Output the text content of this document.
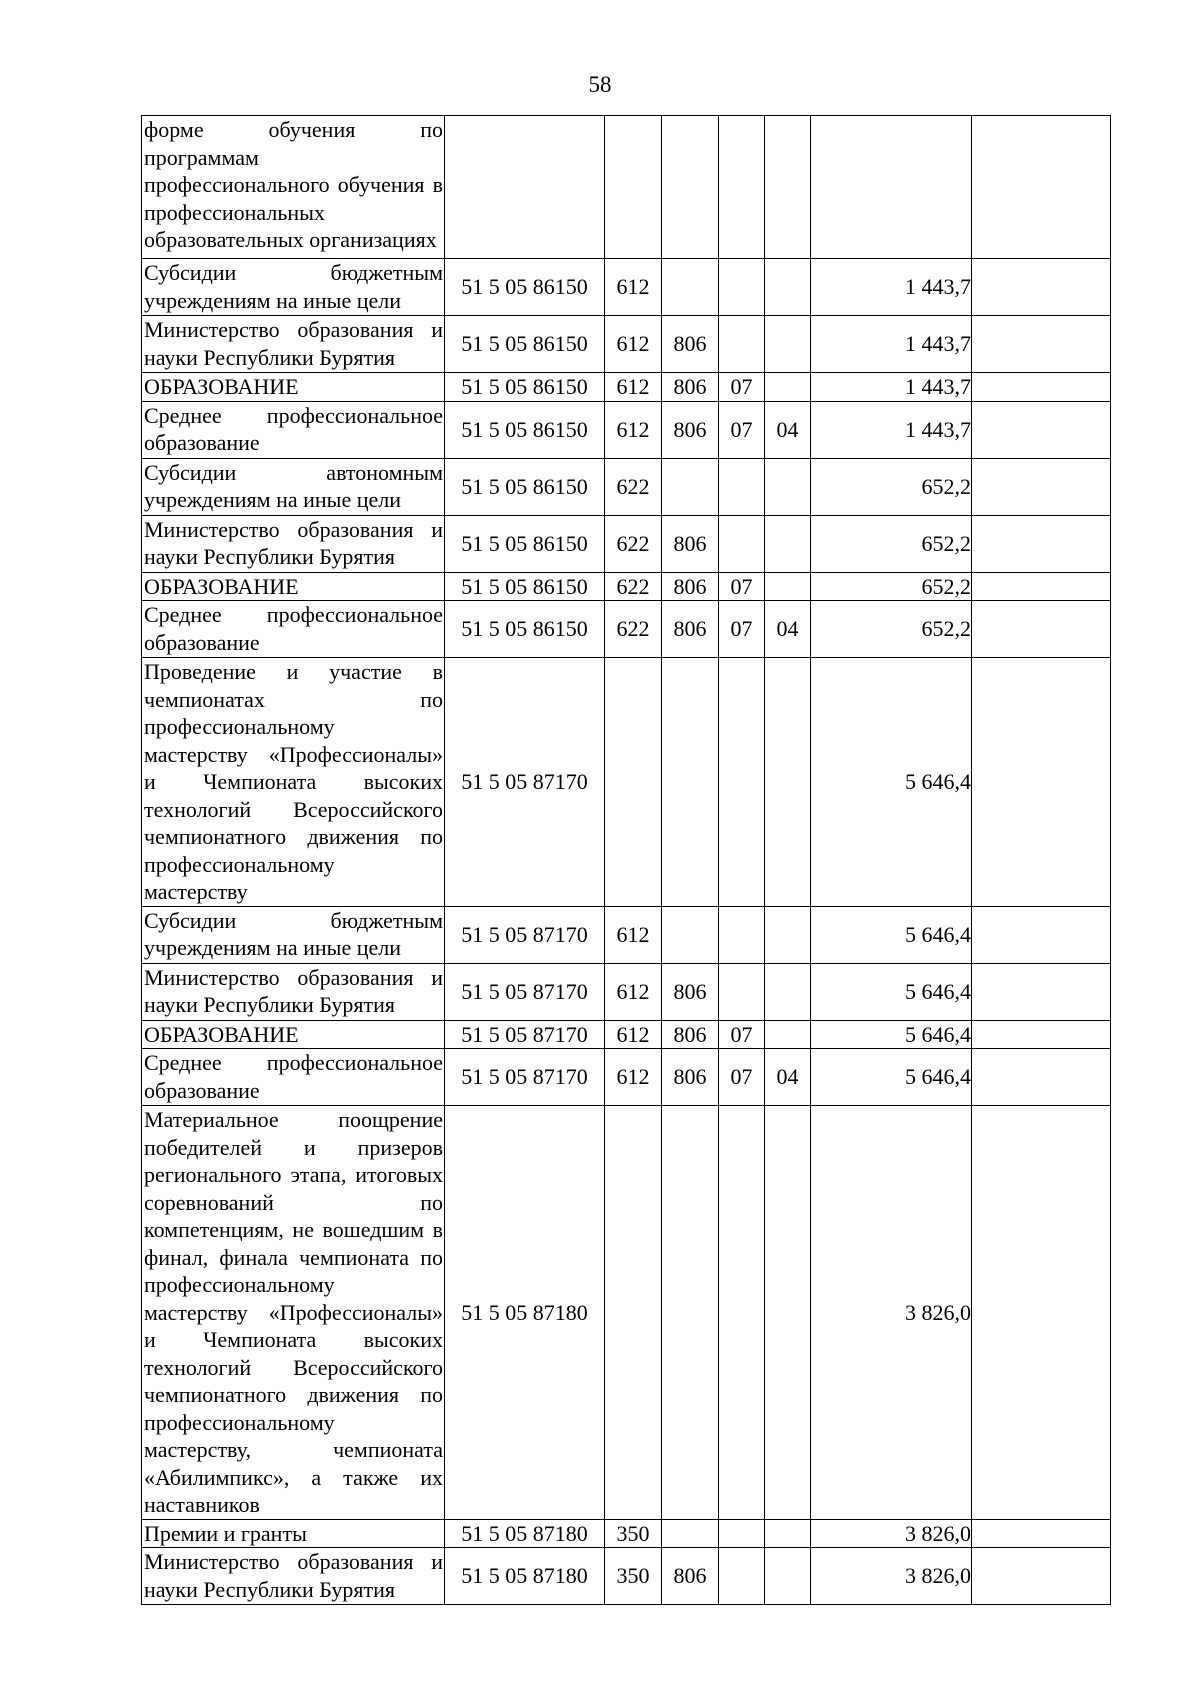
58
форме обучения по программам профессионального обучения в профессиональных образовательных организациях							
Субсидии бюджетным учреждениям на иные цели	51 5 05 86150	612				1 443,7	
Министерство образования и науки Республики Бурятия	51 5 05 86150	612	806			1 443,7	
ОБРАЗОВАНИЕ	51 5 05 86150	612	806	07		1 443,7	
Среднее профессиональное образование	51 5 05 86150	612	806	07	04	1 443,7	
Субсидии автономным учреждениям на иные цели	51 5 05 86150	622				652,2	
Министерство образования и науки Республики Бурятия	51 5 05 86150	622	806			652,2	
ОБРАЗОВАНИЕ	51 5 05 86150	622	806	07		652,2	
Среднее профессиональное образование	51 5 05 86150	622	806	07	04	652,2	
Проведение и участие в чемпионатах по профессиональному мастерству «Профессионалы» и Чемпионата высоких технологий Всероссийского чемпионатного движения по профессиональному мастерству	51 5 05 87170					5 646,4	
Субсидии бюджетным учреждениям на иные цели	51 5 05 87170	612				5 646,4	
Министерство образования и науки Республики Бурятия	51 5 05 87170	612	806			5 646,4	
ОБРАЗОВАНИЕ	51 5 05 87170	612	806	07		5 646,4	
Среднее профессиональное образование	51 5 05 87170	612	806	07	04	5 646,4	
Материальное поощрение победителей и призеров регионального этапа, итоговых соревнований по компетенциям, не вошедшим в финал, финала чемпионата по профессиональному мастерству «Профессионалы» и Чемпионата высоких технологий Всероссийского чемпионатного движения по профессиональному мастерству, чемпионата «Абилимпикс», а также их наставников	51 5 05 87180					3 826,0	
Премии и гранты	51 5 05 87180	350				3 826,0	
Министерство образования и науки Республики Бурятия	51 5 05 87180	350	806			3 826,0	
